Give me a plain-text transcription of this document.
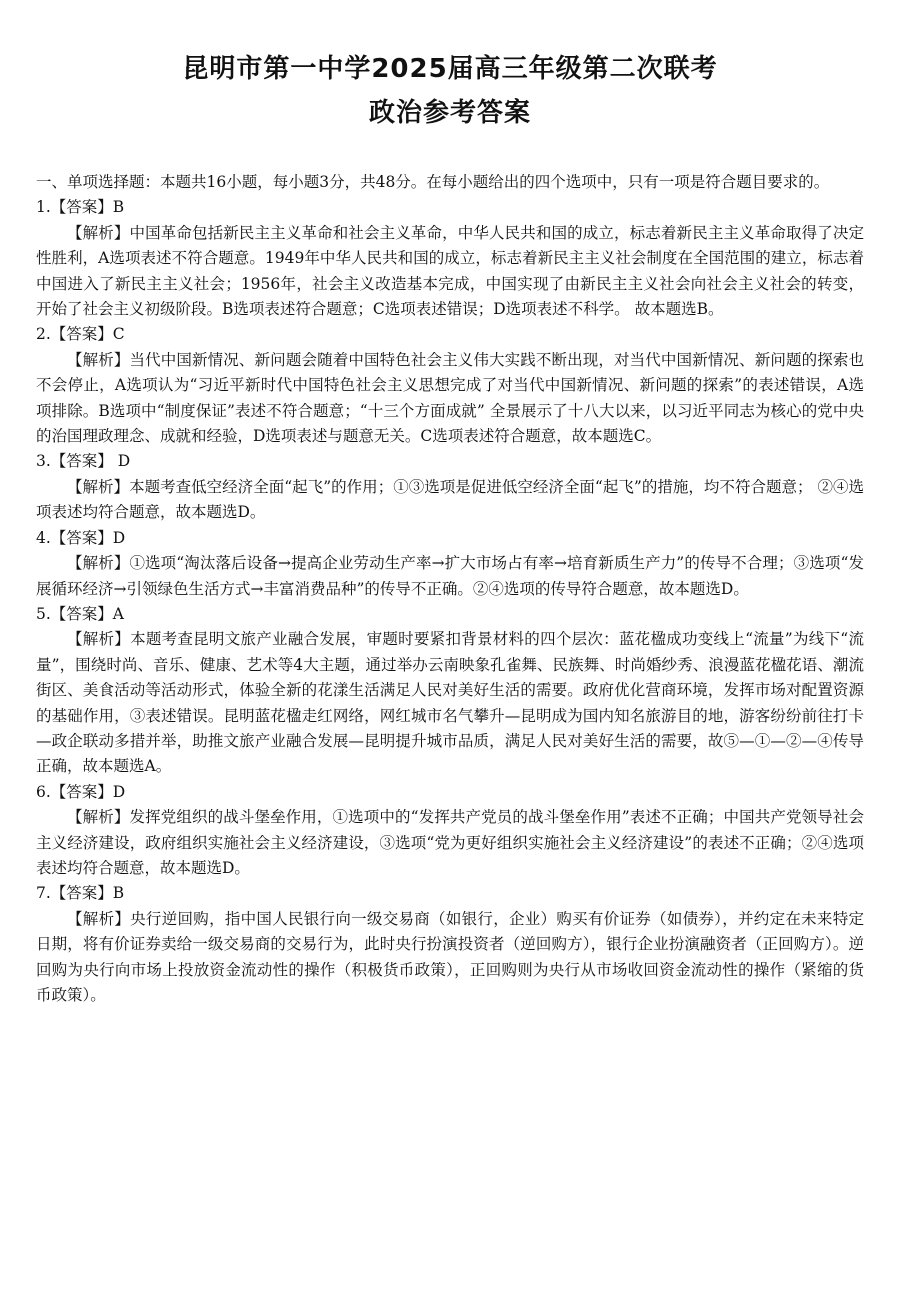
昆明市第一中学2025届高三年级第二次联考
政治参考答案

一、单项选择题：本题共16小题，每小题3分，共48分。在每小题给出的四个选项中，只有一项是符合题目要求的。

1.【答案】B

【解析】中国革命包括新民主主义革命和社会主义革命，中华人民共和国的成立，标志着新民主主义革命取得了决定性胜利，A选项表述不符合题意。1949年中华人民共和国的成立，标志着新民主主义社会制度在全国范围的建立，标志着中国进入了新民主主义社会；1956年，社会主义改造基本完成，中国实现了由新民主主义社会向社会主义社会的转变，开始了社会主义初级阶段。B选项表述符合题意；C选项表述错误；D选项表述不科学。 故本题选B。

2.【答案】C

【解析】当代中国新情况、新问题会随着中国特色社会主义伟大实践不断出现，对当代中国新情况、新问题的探索也不会停止，A选项认为“习近平新时代中国特色社会主义思想完成了对当代中国新情况、新问题的探索”的表述错误，A选项排除。B选项中“制度保证”表述不符合题意；“十三个方面成就” 全景展示了十八大以来，以习近平同志为核心的党中央的治国理政理念、成就和经验，D选项表述与题意无关。C选项表述符合题意，故本题选C。

3.【答案】 D

【解析】本题考查低空经济全面“起飞”的作用；①③选项是促进低空经济全面“起飞”的措施，均不符合题意； ②④选项表述均符合题意，故本题选D。

4.【答案】D

【解析】①选项“淘汰落后设备→提高企业劳动生产率→扩大市场占有率→培育新质生产力”的传导不合理；③选项“发展循环经济→引领绿色生活方式→丰富消费品种”的传导不正确。②④选项的传导符合题意，故本题选D。

5.【答案】A

【解析】本题考查昆明文旅产业融合发展，审题时要紧扣背景材料的四个层次：蓝花楹成功变线上“流量”为线下“流量”，围绕时尚、音乐、健康、艺术等4大主题，通过举办云南映象孔雀舞、民族舞、时尚婚纱秀、浪漫蓝花楹花语、潮流街区、美食活动等活动形式，体验全新的花漾生活满足人民对美好生活的需要。政府优化营商环境，发挥市场对配置资源的基础作用，③表述错误。昆明蓝花楹走红网络，网红城市名气攀升—昆明成为国内知名旅游目的地，游客纷纷前往打卡—政企联动多措并举，助推文旅产业融合发展—昆明提升城市品质，满足人民对美好生活的需要，故⑤—①—②—④传导正确，故本题选A。

6.【答案】D

【解析】发挥党组织的战斗堡垒作用，①选项中的“发挥共产党员的战斗堡垒作用”表述不正确；中国共产党领导社会主义经济建设，政府组织实施社会主义经济建设，③选项“党为更好组织实施社会主义经济建设”的表述不正确；②④选项表述均符合题意，故本题选D。

7.【答案】B

【解析】央行逆回购，指中国人民银行向一级交易商（如银行，企业）购买有价证券（如债券），并约定在未来特定日期，将有价证券卖给一级交易商的交易行为，此时央行扮演投资者（逆回购方），银行企业扮演融资者（正回购方）。逆回购为央行向市场上投放资金流动性的操作（积极货币政策），正回购则为央行从市场收回资金流动性的操作（紧缩的货币政策）。
